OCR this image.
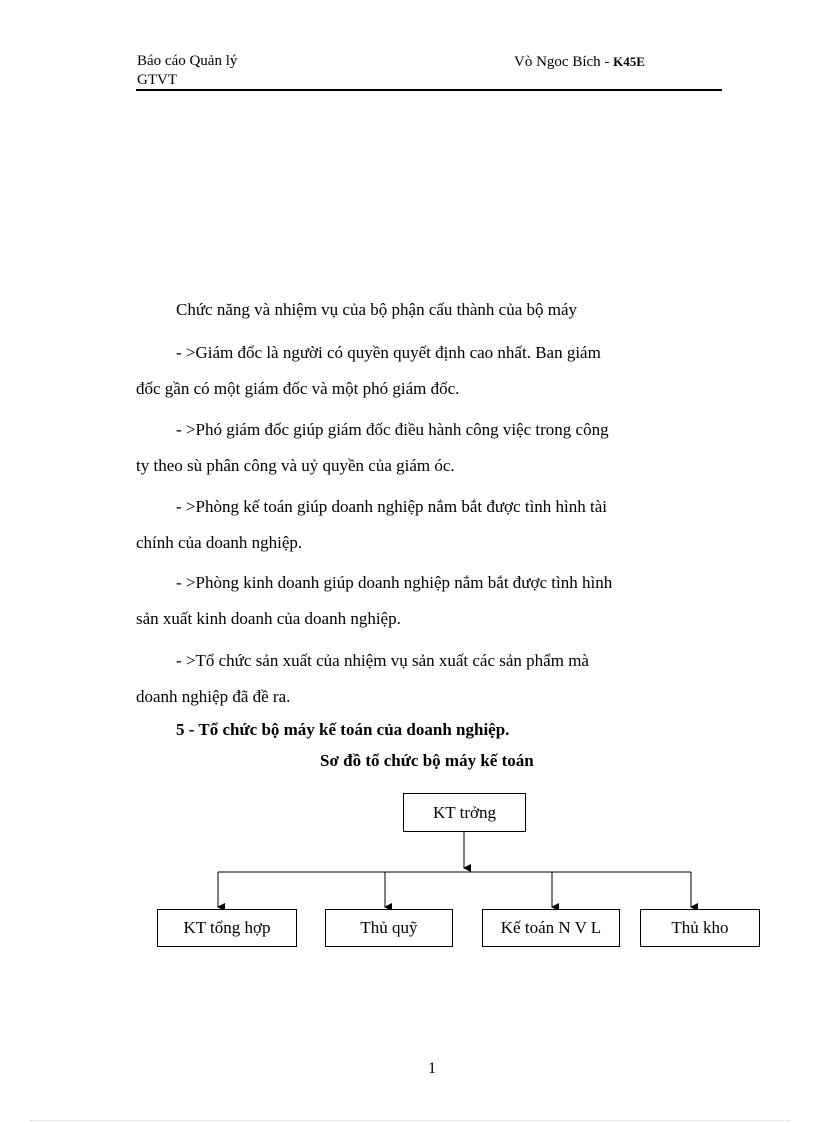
Báo cáo Quản lý
GTVT
Vò Ngoc Bích - K45E
Chức năng và nhiệm vụ của bộ phận cấu thành của bộ máy
- >Giám đốc là người có quyền quyết định cao nhất. Ban giám
đốc gần có một giám đốc và một phó giám đốc.
- >Phó giám đốc giúp giám đốc điều hành công việc trong công
ty theo sù phân công và uỷ quyền của giám óc.
- >Phòng kế toán giúp doanh nghiệp nắm bắt được tình hình tài
chính của doanh nghiệp.
- >Phòng kinh doanh giúp doanh nghiệp nắm bắt được tình hình
sản xuất kinh doanh của doanh nghiệp.
- >Tổ chức sản xuất của nhiệm vụ sản xuất các sản phẩm mà
doanh nghiệp đã đề ra.
5 - Tổ chức bộ máy kế toán của doanh nghiệp.
Sơ đồ tổ chức bộ máy kế toán
KT trởng
KT tổng hợp	Thủ quỹ	Kế toán N V L	Thủ kho
1
